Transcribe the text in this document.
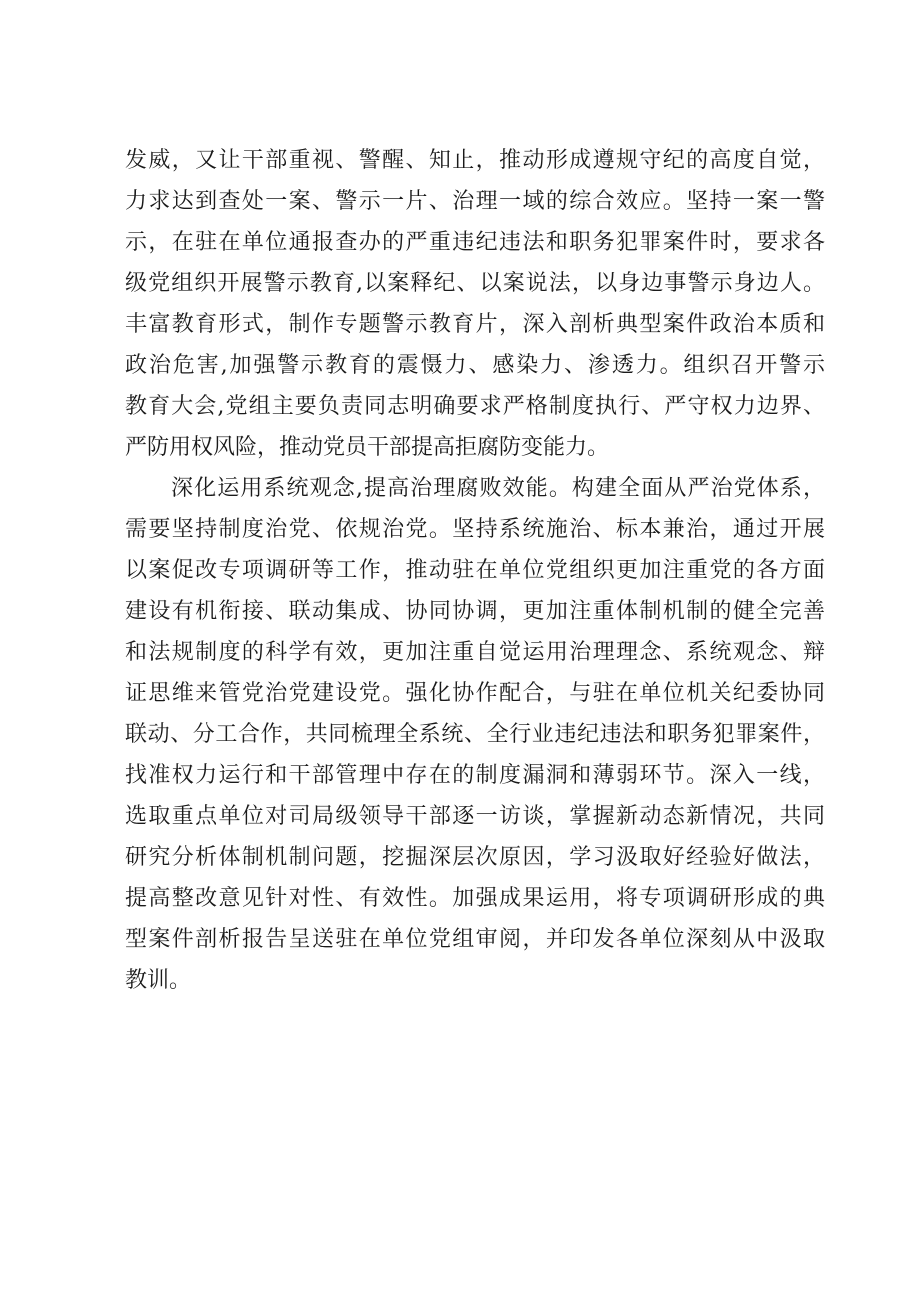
发威，又让干部重视、警醒、知止，推动形成遵规守纪的高度自觉，
力求达到查处一案、警示一片、治理一域的综合效应。坚持一案一警
示，在驻在单位通报查办的严重违纪违法和职务犯罪案件时，要求各
级党组织开展警示教育,以案释纪、以案说法，以身边事警示身边人。
丰富教育形式，制作专题警示教育片，深入剖析典型案件政治本质和
政治危害,加强警示教育的震慑力、感染力、渗透力。组织召开警示
教育大会,党组主要负责同志明确要求严格制度执行、严守权力边界、
严防用权风险，推动党员干部提高拒腐防变能力。
深化运用系统观念,提高治理腐败效能。构建全面从严治党体系，
需要坚持制度治党、依规治党。坚持系统施治、标本兼治，通过开展
以案促改专项调研等工作，推动驻在单位党组织更加注重党的各方面
建设有机衔接、联动集成、协同协调，更加注重体制机制的健全完善
和法规制度的科学有效，更加注重自觉运用治理理念、系统观念、辩
证思维来管党治党建设党。强化协作配合，与驻在单位机关纪委协同
联动、分工合作，共同梳理全系统、全行业违纪违法和职务犯罪案件，
找准权力运行和干部管理中存在的制度漏洞和薄弱环节。深入一线，
选取重点单位对司局级领导干部逐一访谈，掌握新动态新情况，共同
研究分析体制机制问题，挖掘深层次原因，学习汲取好经验好做法，
提高整改意见针对性、有效性。加强成果运用，将专项调研形成的典
型案件剖析报告呈送驻在单位党组审阅，并印发各单位深刻从中汲取
教训。
